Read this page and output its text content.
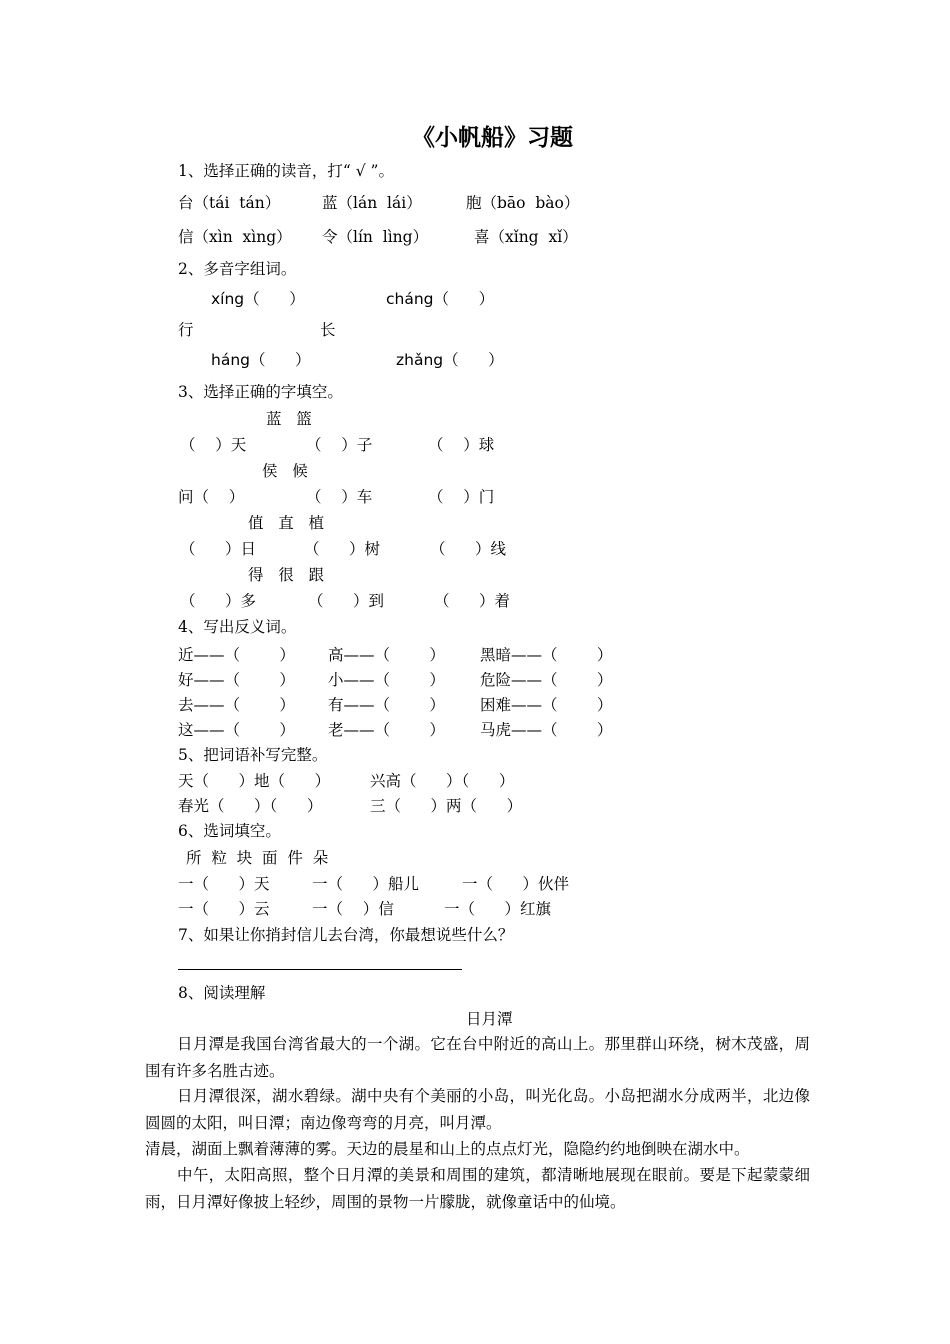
《小帆船》习题
1、选择正确的读音，打“ √ ”。
台（tái  tán）	蓝（lán  lái）	胞（bāo  bào）
信（xìn  xìng） 令（lín  lìng）	喜（xǐng  xǐ）
2、多音字组词。
xíng（      ）	cháng（      ）
行	长
háng（      ）	zhǎng（      ）
3、选择正确的字填空。
蓝   篮
（    ）天	（    ）子	（    ）球
侯   候
问（    ）	（    ）车	（    ）门
值   直   植
（      ）日	（      ）树	（      ）线
得   很   跟
（      ）多	（      ）到	（      ）着
4、写出反义词。
近——（        ） 高——（        ） 黑暗——（        ）
好——（        ） 小——（        ） 危险——（        ）
去——（        ） 有——（        ） 困难——（        ）
这——（        ） 老——（        ） 马虎——（        ）
5、把词语补写完整。
天（      ）地（      ）	兴高（      ）（      ）
春光（      ）（      ）	三（      ）两（      ）
6、选词填空。
所  粒  块  面  件  朵
一（      ）天	一（      ）船儿	一（      ）伙伴
一（      ）云	一（    ）信	一（      ）红旗
7、如果让你捎封信儿去台湾，你最想说些什么？
8、阅读理解
日月潭
日月潭是我国台湾省最大的一个湖。它在台中附近的高山上。那里群山环绕，树木茂盛，周围有许多名胜古迹。
日月潭很深，湖水碧绿。湖中央有个美丽的小岛，叫光化岛。小岛把湖水分成两半，北边像圆圆的太阳，叫日潭；南边像弯弯的月亮，叫月潭。
清晨，湖面上飘着薄薄的雾。天边的晨星和山上的点点灯光，隐隐约约地倒映在湖水中。
中午，太阳高照，整个日月潭的美景和周围的建筑，都清晰地展现在眼前。要是下起蒙蒙细雨，日月潭好像披上轻纱，周围的景物一片朦胧，就像童话中的仙境。
